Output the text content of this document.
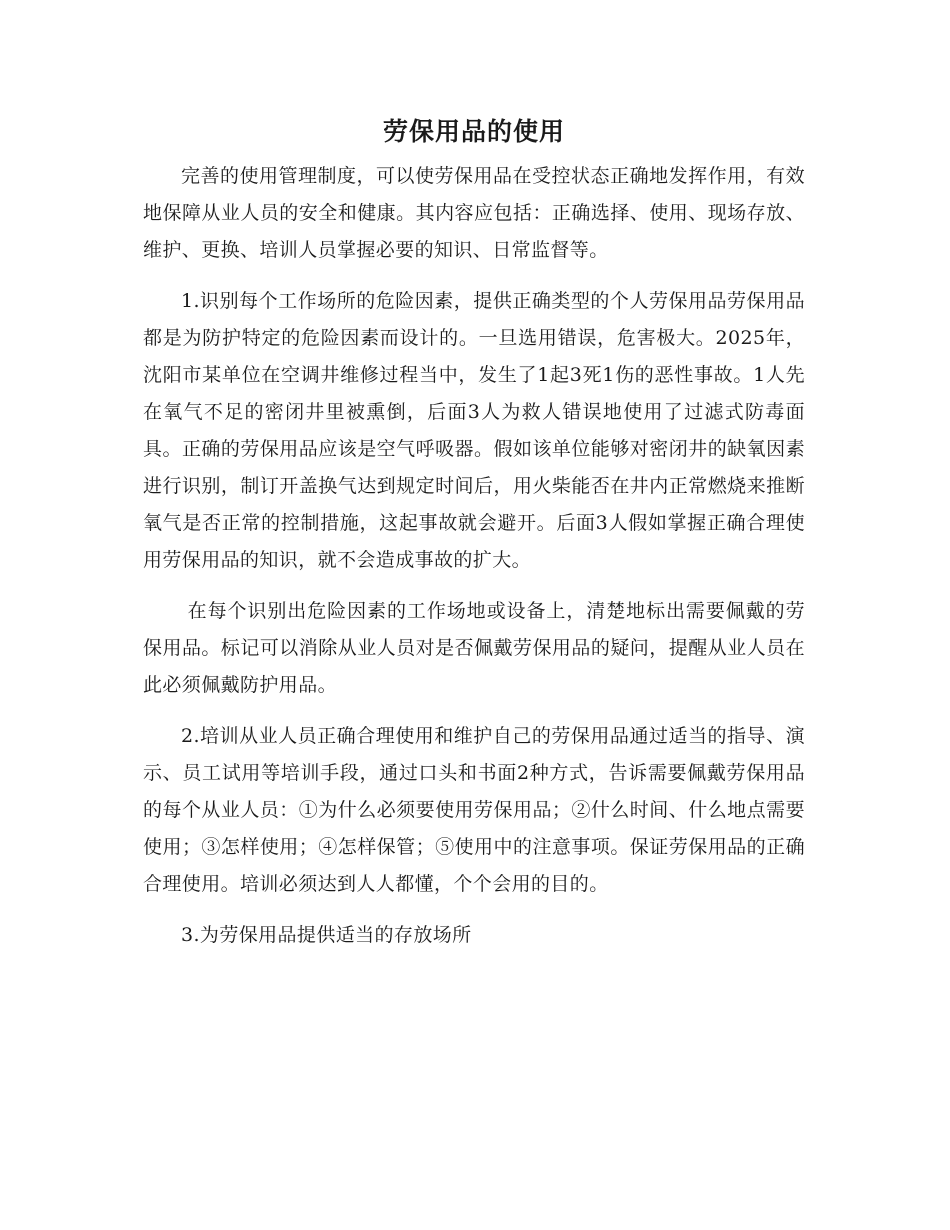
劳保用品的使用

完善的使用管理制度，可以使劳保用品在受控状态正确地发挥作用，有效地保障从业人员的安全和健康。其内容应包括：正确选择、使用、现场存放、维护、更换、培训人员掌握必要的知识、日常监督等。

1.识别每个工作场所的危险因素，提供正确类型的个人劳保用品劳保用品都是为防护特定的危险因素而设计的。一旦选用错误，危害极大。2025年，沈阳市某单位在空调井维修过程当中，发生了1起3死1伤的恶性事故。1人先在氧气不足的密闭井里被熏倒，后面3人为救人错误地使用了过滤式防毒面具。正确的劳保用品应该是空气呼吸器。假如该单位能够对密闭井的缺氧因素进行识别，制订开盖换气达到规定时间后，用火柴能否在井内正常燃烧来推断氧气是否正常的控制措施，这起事故就会避开。后面3人假如掌握正确合理使用劳保用品的知识，就不会造成事故的扩大。

在每个识别出危险因素的工作场地或设备上，清楚地标出需要佩戴的劳保用品。标记可以消除从业人员对是否佩戴劳保用品的疑问，提醒从业人员在此必须佩戴防护用品。

2.培训从业人员正确合理使用和维护自己的劳保用品通过适当的指导、演示、员工试用等培训手段，通过口头和书面2种方式，告诉需要佩戴劳保用品的每个从业人员：①为什么必须要使用劳保用品；②什么时间、什么地点需要使用；③怎样使用；④怎样保管；⑤使用中的注意事项。保证劳保用品的正确合理使用。培训必须达到人人都懂，个个会用的目的。

3.为劳保用品提供适当的存放场所
